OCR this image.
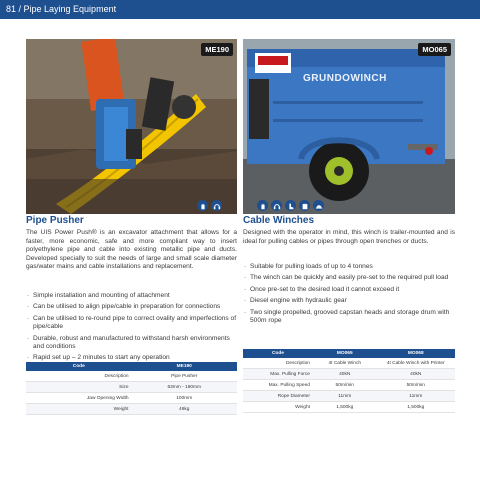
81 / Pipe Laying Equipment
ME190	MO065
GRUNDOWINCH
Pipe Pusher

The UIS Power Push® is an excavator attachment that allows for a faster, more economic, safe and more compliant way to insert polyethylene pipe and cable into existing metallic pipe and ducts. Developed specially to suit the needs of large and small scale diameter gas/water mains and cable installations and replacement.

· Simple installation and mounting of attachment
· Can be utilised to align pipe/cable in preparation for connections
· Can be utilised to re-round pipe to correct ovality and imperfections of pipe/cable
· Durable, robust and manufactured to withstand harsh environments and conditions
· Rapid set up – 2 minutes to start any operation
Code	ME190
Description	Pipe Pusher
Size	63mm - 180mm
Jaw Opening Width	100mm
Weight	46kg
Cable Winches

Designed with the operator in mind, this winch is trailer-mounted and is ideal for pulling cables or pipes through open trenches or ducts.

· Suitable for pulling loads of up to 4 tonnes
· The winch can be quickly and easily pre-set to the required pull load
· Once pre-set to the desired load it cannot exceed it
· Diesel engine with hydraulic gear
· Two single propelled, grooved capstan heads and storage drum with 500m rope
Code	MO065	MO068
Description	4t Cable Winch	4t Cable Winch with Printer
Max. Pulling Force	40kN	40kN
Max. Pulling Speed	50m/min	50m/min
Rope Diameter	11mm	11mm
Weight	1,500kg	1,500kg
